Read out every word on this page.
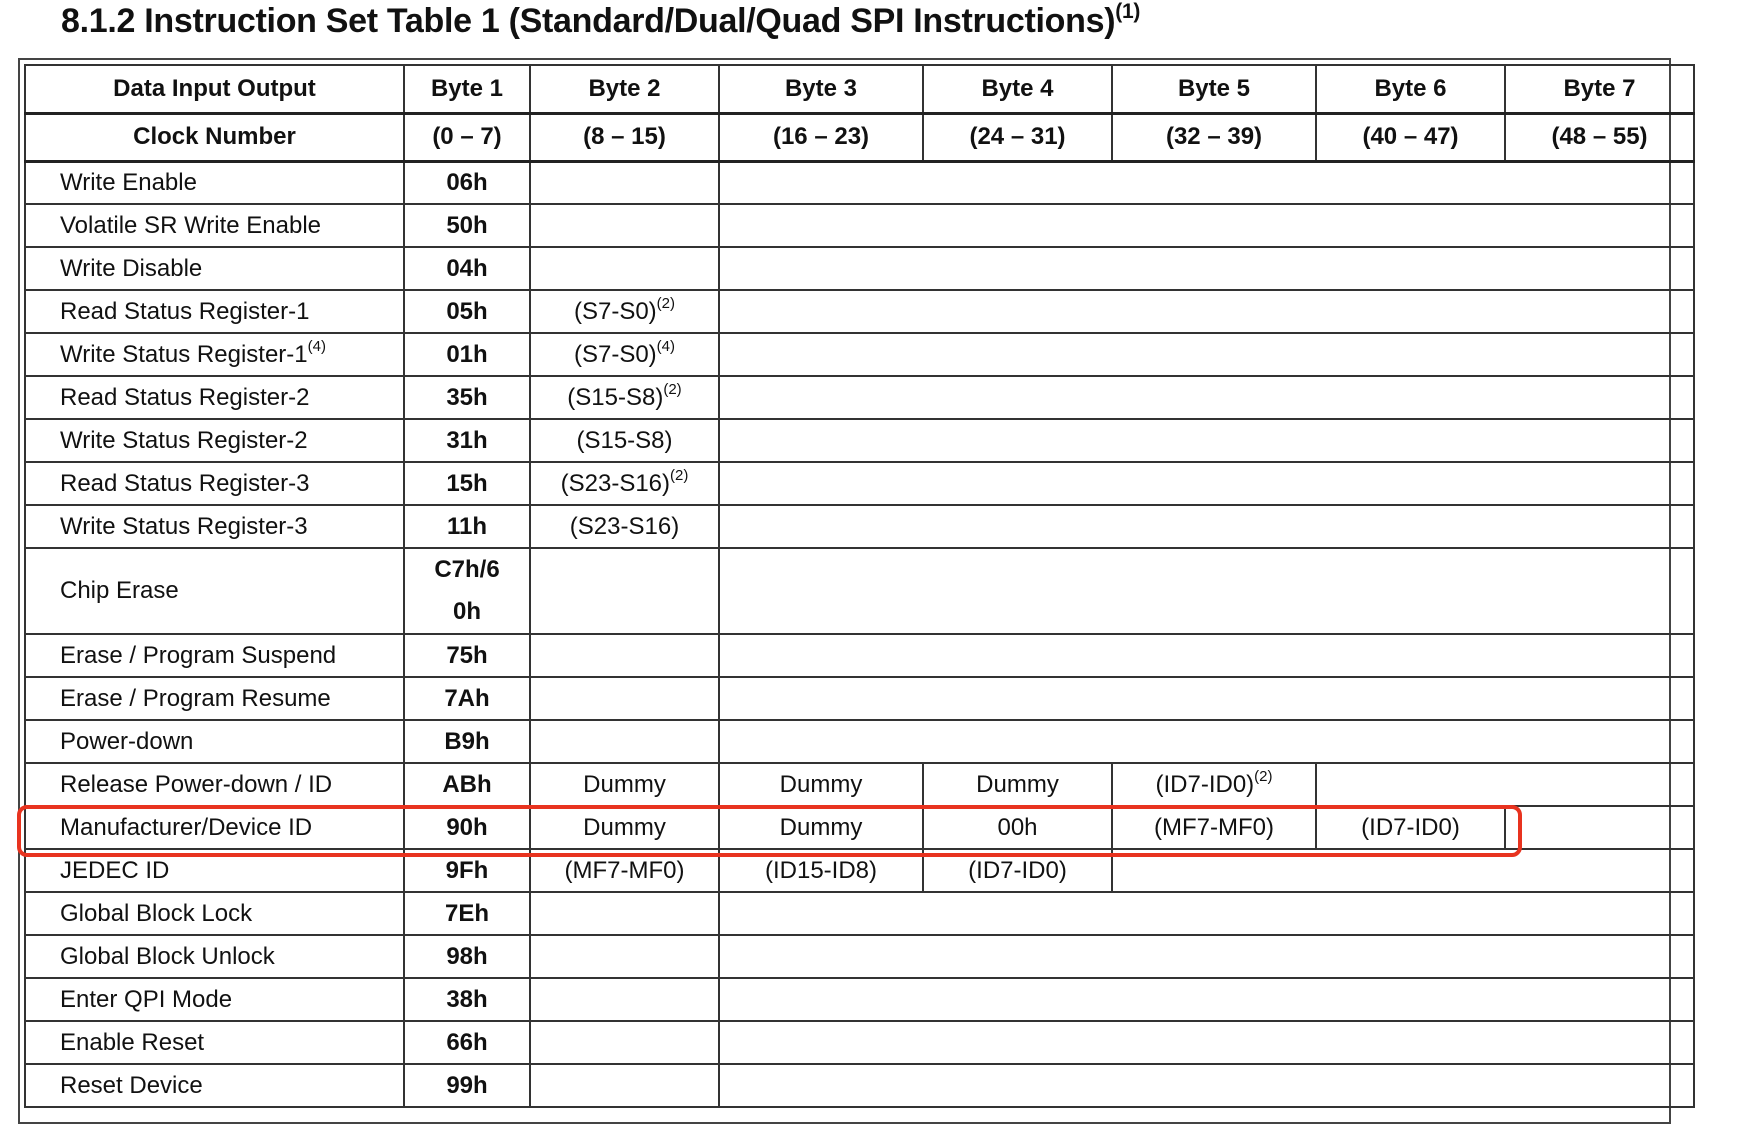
8.1.2 Instruction Set Table 1 (Standard/Dual/Quad SPI Instructions)$^{(1)}$
Data Input Output	Byte 1	Byte 2	Byte 3	Byte 4	Byte 5	Byte 6	Byte 7
Clock Number	(0 – 7)	(8 – 15)	(16 – 23)	(24 – 31)	(32 – 39)	(40 – 47)	(48 – 55)
Write Enable	06h						
Volatile SR Write Enable	50h						
Write Disable	04h						
Read Status Register-1	05h	$(S7-S0)^{(2)}$	
Write Status Register-1$^{(4)}$	01h	$(S7-S0)^{(4)}$	
Read Status Register-2	35h	$(S15-S8)^{(2)}$	
Write Status Register-2	31h	(S15-S8)					
Read Status Register-3	15h	$(S23-S16)^{(2)}$	
Write Status Register-3	11h	(S23-S16)					
Chip Erase	C7h/6
0h						
Erase / Program Suspend	75h						
Erase / Program Resume	7Ah						
Power-down	B9h						
Release Power-down / ID	ABh	Dummy	Dummy	Dummy	$(ID7-ID0)^{(2)}$	
Manufacturer/Device ID	90h	Dummy	Dummy	00h	(MF7-MF0)	(ID7-ID0)	
JEDEC ID	9Fh	(MF7-MF0)	(ID15-ID8)	(ID7-ID0)			
Global Block Lock	7Eh						
Global Block Unlock	98h						
Enter QPI Mode	38h						
Enable Reset	66h						
Reset Device	99h						
